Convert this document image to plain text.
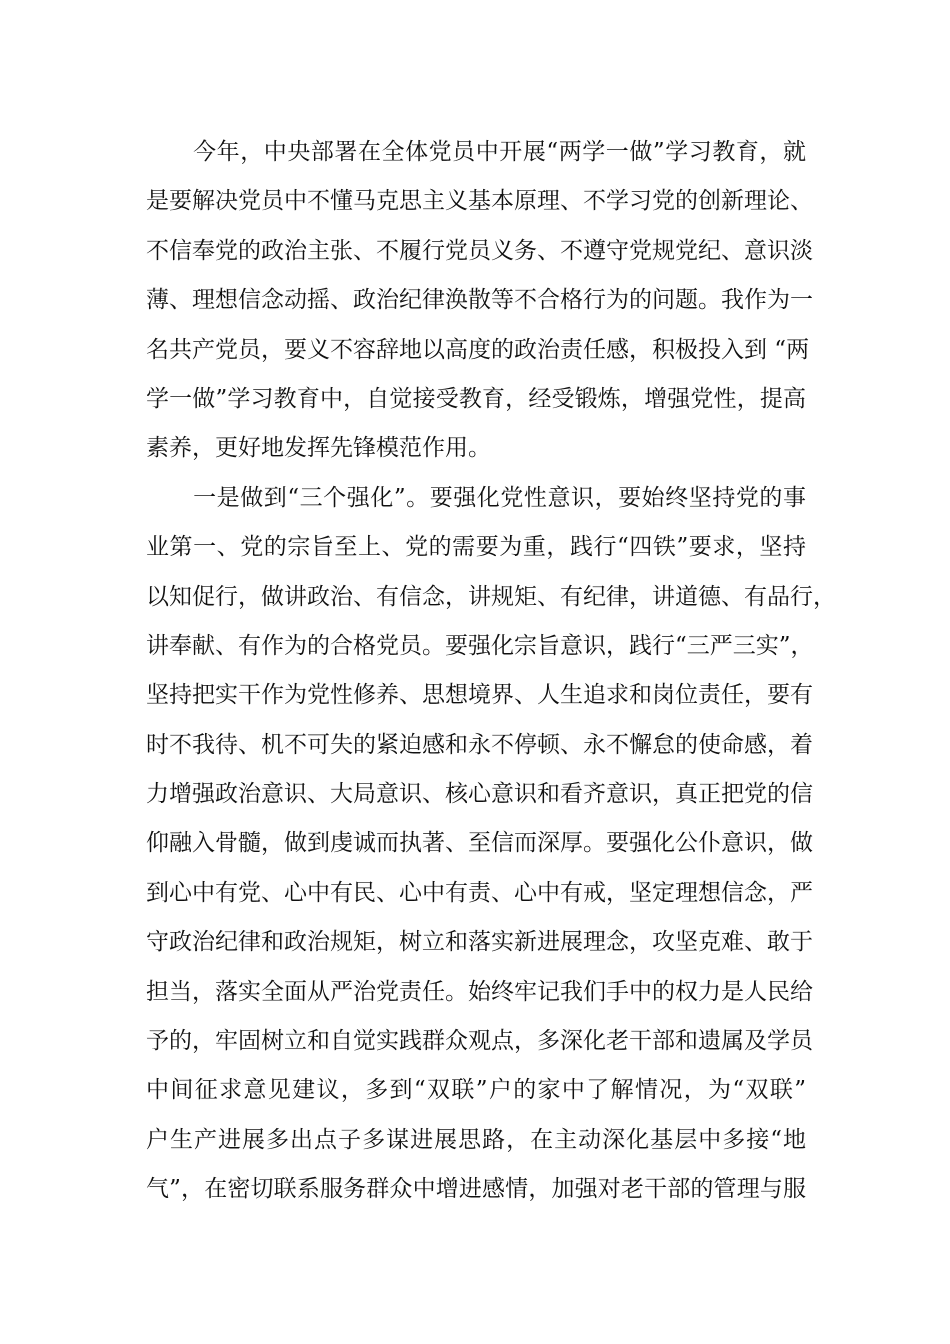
　　今年，中央部署在全体党员中开展“两学一做”学习教育，就
是要解决党员中不懂马克思主义基本原理、不学习党的创新理论、
不信奉党的政治主张、不履行党员义务、不遵守党规党纪、意识淡
薄、理想信念动摇、政治纪律涣散等不合格行为的问题。我作为一
名共产党员，要义不容辞地以高度的政治责任感，积极投入到 “两
学一做”学习教育中，自觉接受教育，经受锻炼，增强党性，提高
素养，更好地发挥先锋模范作用。
　　一是做到“三个强化”。要强化党性意识，要始终坚持党的事
业第一、党的宗旨至上、党的需要为重，践行“四铁”要求，坚持
以知促行，做讲政治、有信念，讲规矩、有纪律，讲道德、有品行，
讲奉献、有作为的合格党员。要强化宗旨意识，践行“三严三实”，
坚持把实干作为党性修养、思想境界、人生追求和岗位责任，要有
时不我待、机不可失的紧迫感和永不停顿、永不懈怠的使命感，着
力增强政治意识、大局意识、核心意识和看齐意识，真正把党的信
仰融入骨髓，做到虔诚而执著、至信而深厚。要强化公仆意识，做
到心中有党、心中有民、心中有责、心中有戒，坚定理想信念，严
守政治纪律和政治规矩，树立和落实新进展理念，攻坚克难、敢于
担当，落实全面从严治党责任。始终牢记我们手中的权力是人民给
予的，牢固树立和自觉实践群众观点，多深化老干部和遗属及学员
中间征求意见建议，多到“双联”户的家中了解情况，为“双联”
户生产进展多出点子多谋进展思路，在主动深化基层中多接“地
气”，在密切联系服务群众中增进感情，加强对老干部的管理与服
